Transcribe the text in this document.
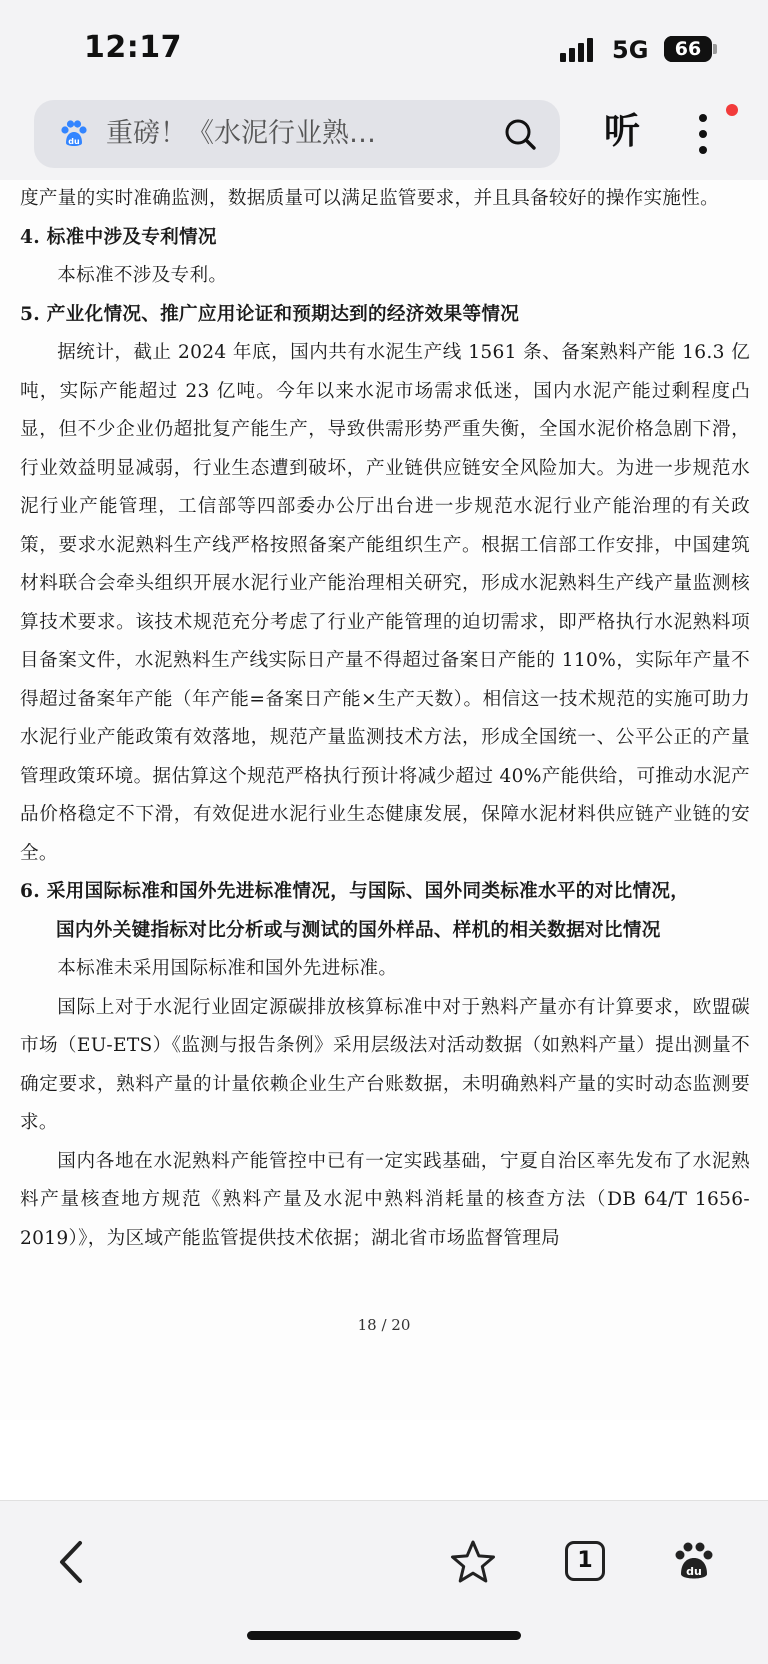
12:17	5G	66
du 重磅！《水泥行业熟…	听

度产量的实时准确监测，数据质量可以满足监管要求，并且具备较好的操作实施性。

4. 标准中涉及专利情况

本标准不涉及专利。

5. 产业化情况、推广应用论证和预期达到的经济效果等情况

据统计，截止 2024 年底，国内共有水泥生产线 1561 条、备案熟料产能 16.3 亿吨，实际产能超过 23 亿吨。今年以来水泥市场需求低迷，国内水泥产能过剩程度凸显，但不少企业仍超批复产能生产，导致供需形势严重失衡，全国水泥价格急剧下滑，行业效益明显减弱，行业生态遭到破坏，产业链供应链安全风险加大。为进一步规范水泥行业产能管理，工信部等四部委办公厅出台进一步规范水泥行业产能治理的有关政策，要求水泥熟料生产线严格按照备案产能组织生产。根据工信部工作安排，中国建筑材料联合会牵头组织开展水泥行业产能治理相关研究，形成水泥熟料生产线产量监测核算技术要求。该技术规范充分考虑了行业产能管理的迫切需求，即严格执行水泥熟料项目备案文件，水泥熟料生产线实际日产量不得超过备案日产能的 110%，实际年产量不得超过备案年产能（年产能=备案日产能×生产天数）。相信这一技术规范的实施可助力水泥行业产能政策有效落地，规范产量监测技术方法，形成全国统一、公平公正的产量管理政策环境。据估算这个规范严格执行预计将减少超过 40%产能供给，可推动水泥产品价格稳定不下滑，有效促进水泥行业生态健康发展，保障水泥材料供应链产业链的安全。

6. 采用国际标准和国外先进标准情况，与国际、国外同类标准水平的对比情况，

国内外关键指标对比分析或与测试的国外样品、样机的相关数据对比情况

本标准未采用国际标准和国外先进标准。

国际上对于水泥行业固定源碳排放核算标准中对于熟料产量亦有计算要求，欧盟碳市场（EU-ETS）《监测与报告条例》采用层级法对活动数据（如熟料产量）提出测量不确定要求，熟料产量的计量依赖企业生产台账数据，未明确熟料产量的实时动态监测要求。

国内各地在水泥熟料产能管控中已有一定实践基础，宁夏自治区率先发布了水泥熟料产量核查地方规范《熟料产量及水泥中熟料消耗量的核查方法（DB 64/T 1656-2019）》，为区域产能监管提供技术依据；湖北省市场监督管理局

18 / 20
1	du
